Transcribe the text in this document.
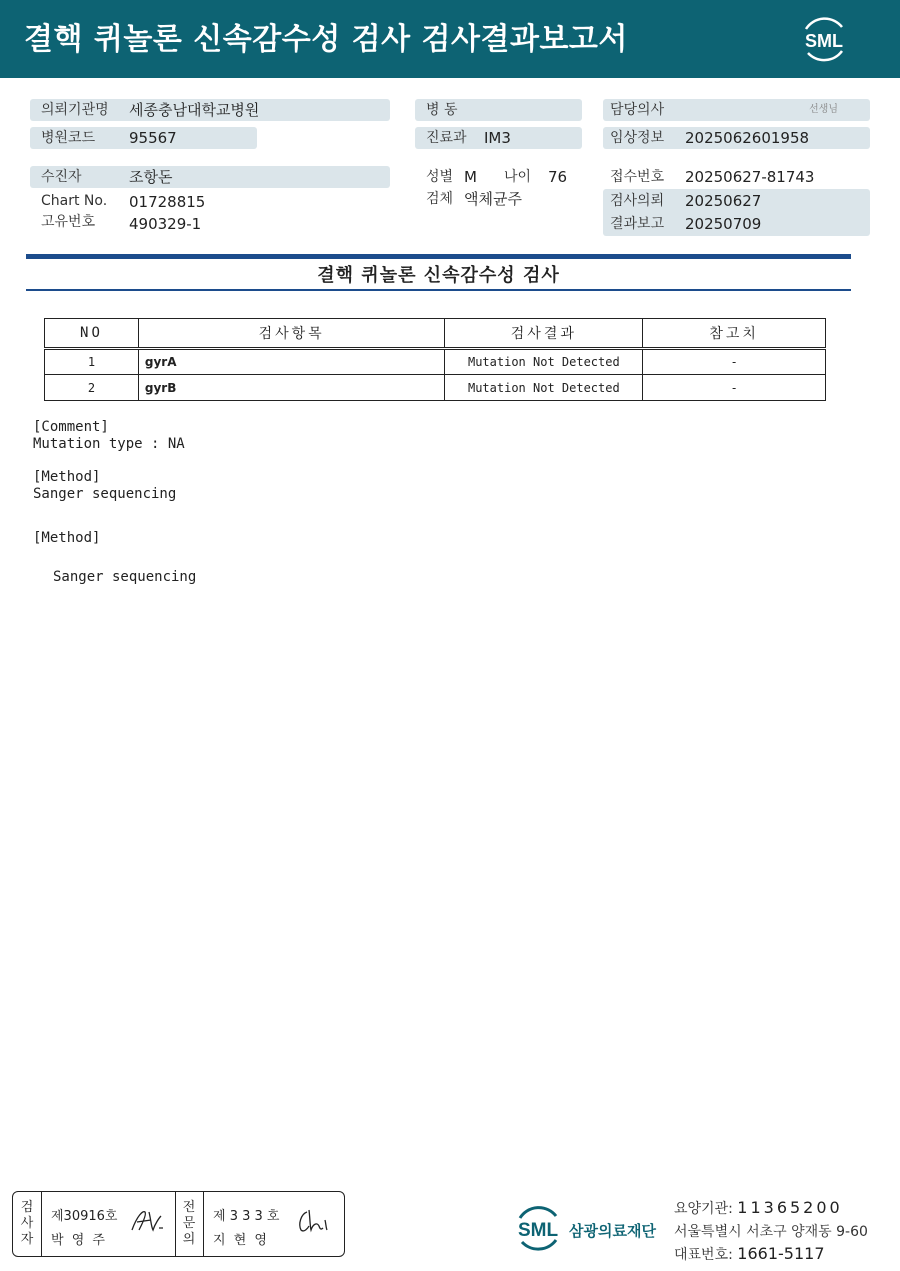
결핵 퀴놀론 신속감수성 검사 검사결과보고서	SML
의뢰기관명 세종충남대학교병원
병원코드 95567
수진자	조항돈
Chart No. 01728815
고유번호 490329-1
병 동
진료과 IM3
성별 M 나이 76
검체 액체균주
담당의사	선생님
임상정보 2025062601958
접수번호 20250627-81743
검사의뢰 20250627
결과보고 20250709
결핵 퀴놀론 신속감수성 검사
NO	검사항목	검사결과	참고치
1	gyrA	Mutation Not Detected	-
2	gyrB	Mutation Not Detected	-
[Comment]
Mutation type : NA
[Method]
Sanger sequencing
[Method]
Sanger sequencing
검사자
제30916호
박 영 주
전문의
제 3 3 3 호
지 현 영	SML 삼광의료재단
요양기관: 11365200
서울특별시 서초구 양재동 9-60
대표번호: 1661-5117
